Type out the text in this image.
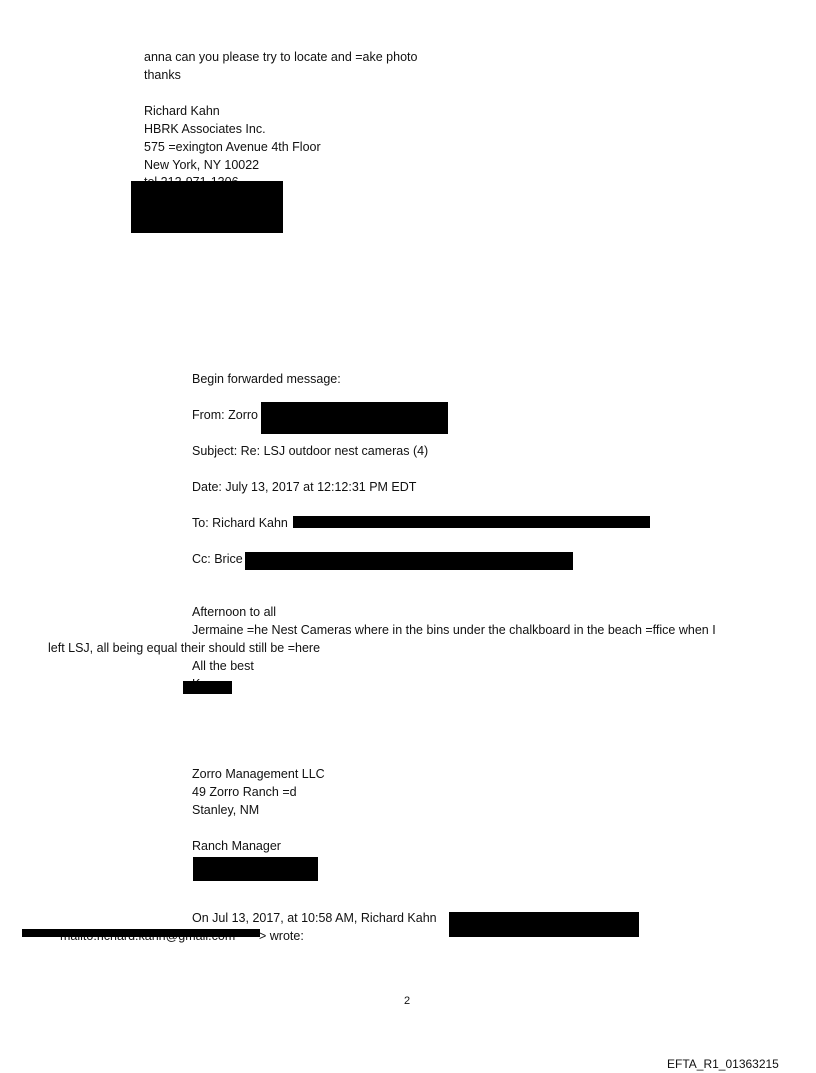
anna can you please try to locate and =ake photo
thanks
Richard Kahn
HBRK Associates Inc.
575 =exington Avenue 4th Floor
New York, NY 10022
Begin forwarded message:
From: Zorro
Subject: Re: LSJ outdoor nest cameras (4)
Date: July 13, 2017 at 12:12:31 PM EDT
To: Richard Kahn
Cc: Brice
Afternoon to all
Jermaine =he Nest Cameras where in the bins under the chalkboard in the beach =ffice when I
left LSJ, all being equal their should still be =here
All the best
Zorro Management LLC
49 Zorro Ranch =d
Stanley, NM
Ranch Manager
On Jul 13, 2017, at 10:58 AM, Richard Kahn
> wrote:
2
EFTA_R1_01363215
